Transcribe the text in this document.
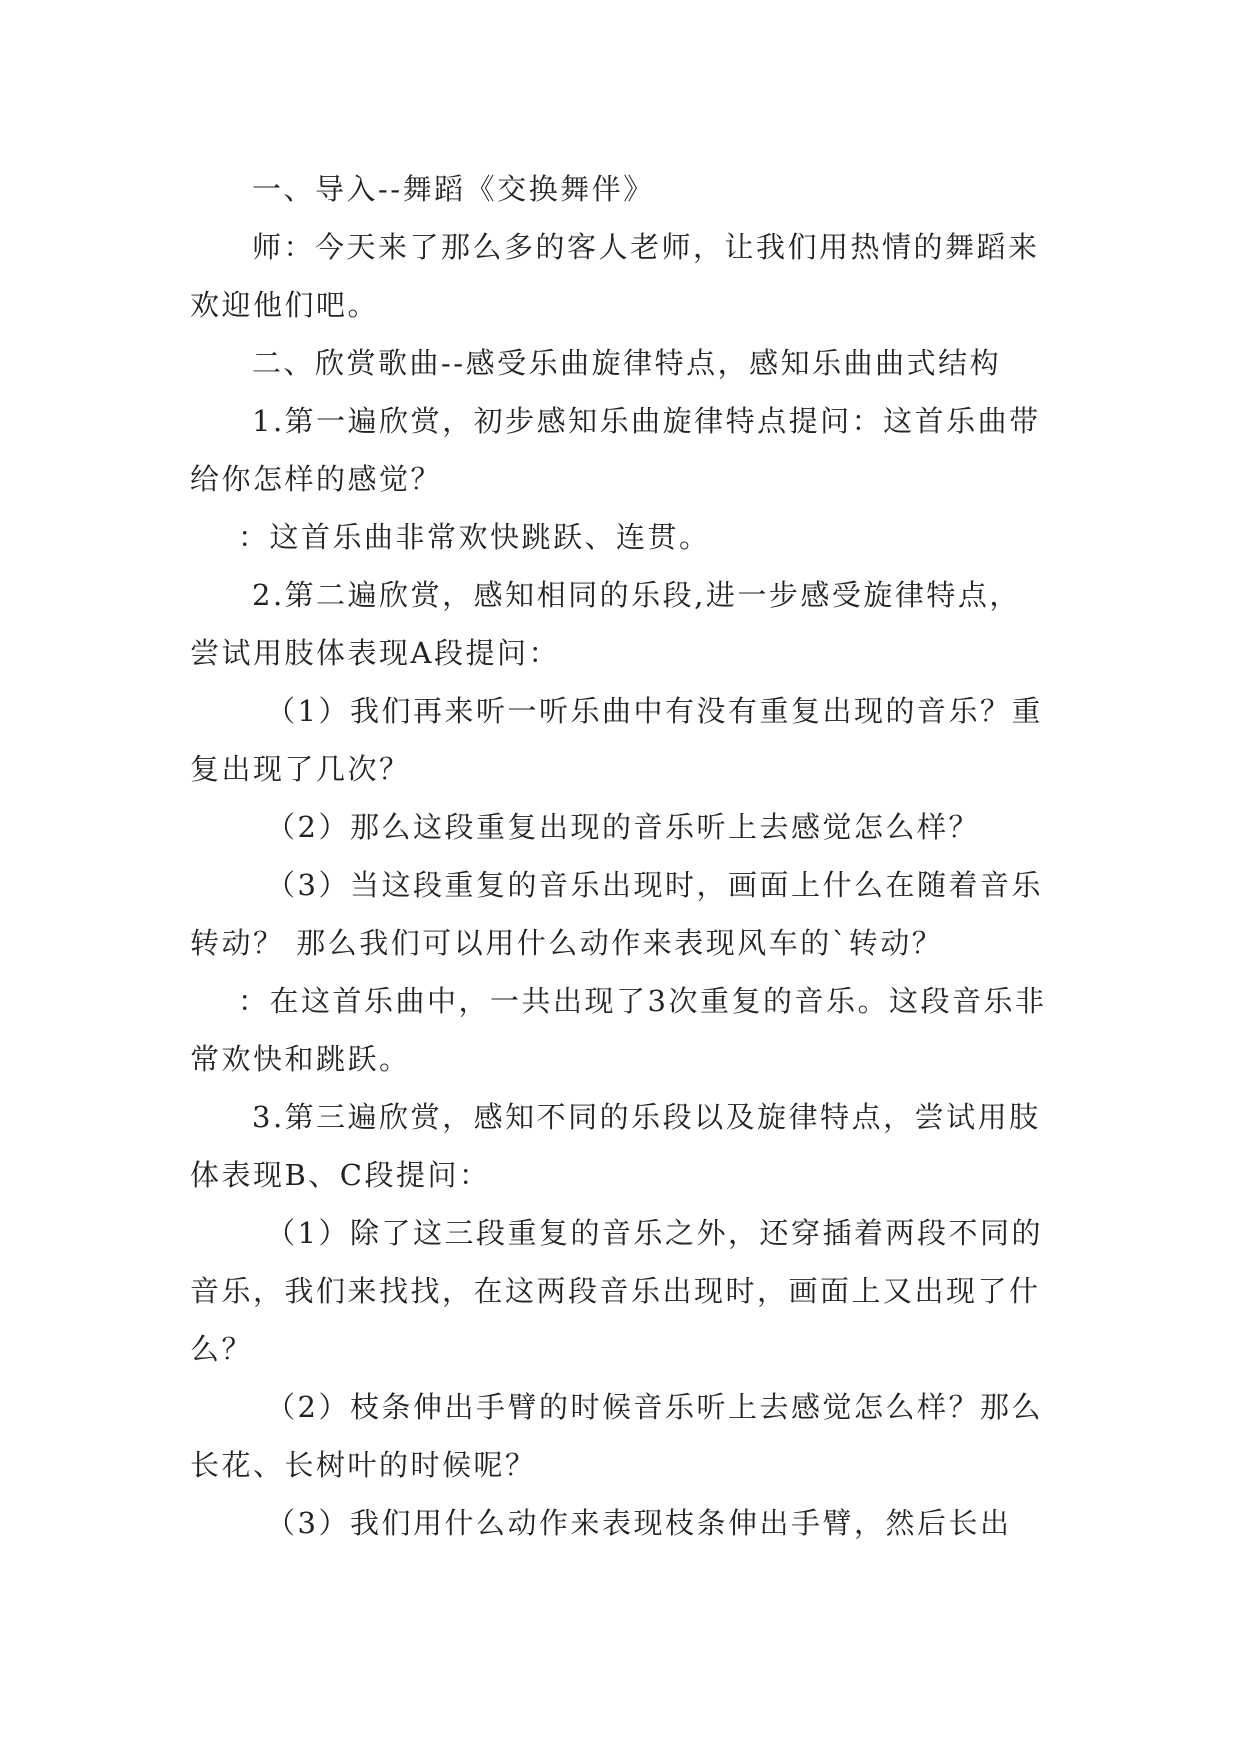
一、导入--舞蹈《交换舞伴》

师：今天来了那么多的客人老师，让我们用热情的舞蹈来欢迎他们吧。

二、欣赏歌曲--感受乐曲旋律特点，感知乐曲曲式结构

1.第一遍欣赏，初步感知乐曲旋律特点提问：这首乐曲带给你怎样的感觉？

：这首乐曲非常欢快跳跃、连贯。

2.第二遍欣赏，感知相同的乐段,进一步感受旋律特点，尝试用肢体表现A段提问：

（1）我们再来听一听乐曲中有没有重复出现的音乐？重复出现了几次？

（2）那么这段重复出现的音乐听上去感觉怎么样？

（3）当这段重复的音乐出现时，画面上什么在随着音乐转动？ 那么我们可以用什么动作来表现风车的`转动？

：在这首乐曲中，一共出现了3次重复的音乐。这段音乐非常欢快和跳跃。

3.第三遍欣赏，感知不同的乐段以及旋律特点，尝试用肢体表现B、C段提问：

（1）除了这三段重复的音乐之外，还穿插着两段不同的音乐，我们来找找，在这两段音乐出现时，画面上又出现了什么？

（2）枝条伸出手臂的时候音乐听上去感觉怎么样？那么长花、长树叶的时候呢？

（3）我们用什么动作来表现枝条伸出手臂，然后长出
